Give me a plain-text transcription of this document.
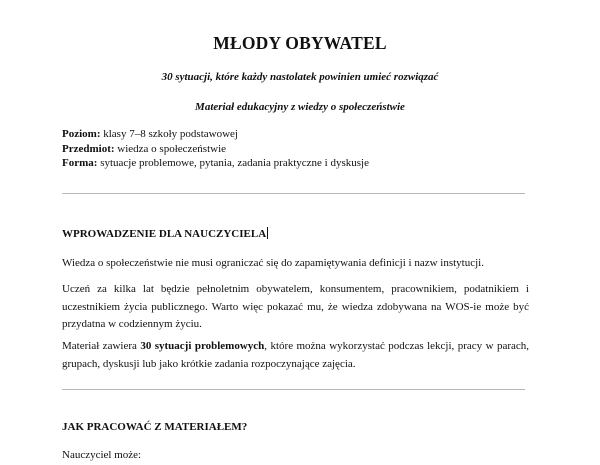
MŁODY OBYWATEL

30 sytuacji, które każdy nastolatek powinien umieć rozwiązać

Materiał edukacyjny z wiedzy o społeczeństwie

Poziom: klasy 7–8 szkoły podstawowej
Przedmiot: wiedza o społeczeństwie
Forma: sytuacje problemowe, pytania, zadania praktyczne i dyskusje
WPROWADZENIE DLA NAUCZYCIELA

Wiedza o społeczeństwie nie musi ograniczać się do zapamiętywania definicji i nazw instytucji.

Uczeń za kilka lat będzie pełnoletnim obywatelem, konsumentem, pracownikiem, podatnikiem i uczestnikiem życia publicznego. Warto więc pokazać mu, że wiedza zdobywana na WOS-ie może być przydatna w codziennym życiu.

Materiał zawiera 30 sytuacji problemowych, które można wykorzystać podczas lekcji, pracy w parach, grupach, dyskusji lub jako krótkie zadania rozpoczynające zajęcia.

JAK PRACOWAĆ Z MATERIAŁEM?

Nauczyciel może:
